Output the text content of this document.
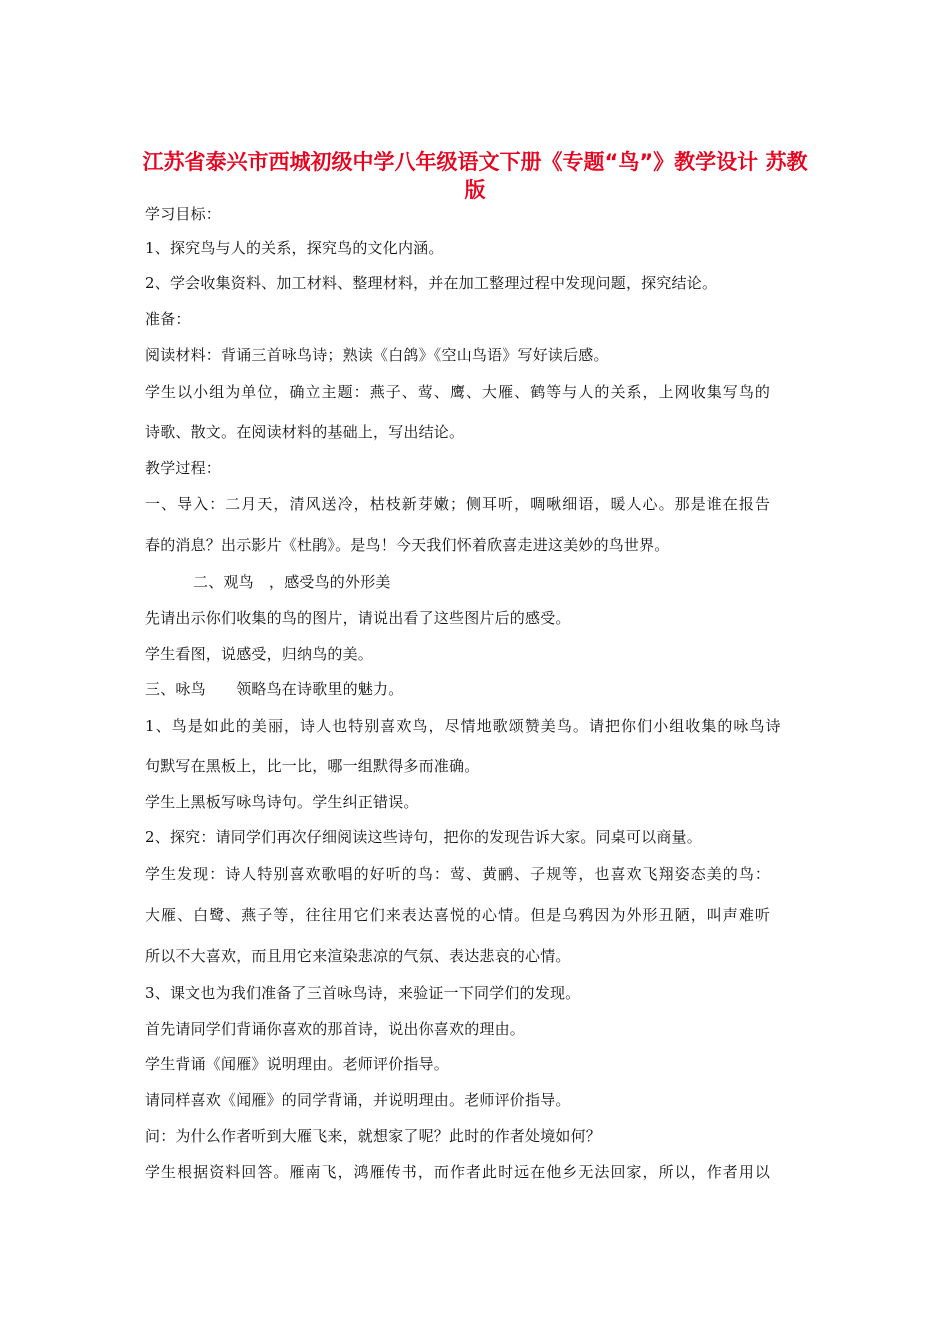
江苏省泰兴市西城初级中学八年级语文下册《专题“鸟”》教学设计 苏教版

学习目标：

1、探究鸟与人的关系，探究鸟的文化内涵。

2、学会收集资料、加工材料、整理材料，并在加工整理过程中发现问题，探究结论。

准备：

阅读材料：背诵三首咏鸟诗；熟读《白鸽》《空山鸟语》写好读后感。

学生以小组为单位，确立主题：燕子、莺、鹰、大雁、鹤等与人的关系，上网收集写鸟的

诗歌、散文。在阅读材料的基础上，写出结论。

教学过程：

一、导入：二月天，清风送冷，枯枝新芽嫩；侧耳听，啁啾细语，暖人心。那是谁在报告

春的消息？出示影片《杜鹃》。是鸟！今天我们怀着欣喜走进这美妙的鸟世界。

二、观鸟　，感受鸟的外形美

先请出示你们收集的鸟的图片，请说出看了这些图片后的感受。

学生看图，说感受，归纳鸟的美。

三、咏鸟　　领略鸟在诗歌里的魅力。

1、鸟是如此的美丽，诗人也特别喜欢鸟，尽情地歌颂赞美鸟。请把你们小组收集的咏鸟诗

句默写在黑板上，比一比，哪一组默得多而准确。

学生上黑板写咏鸟诗句。学生纠正错误。

2、探究：请同学们再次仔细阅读这些诗句，把你的发现告诉大家。同桌可以商量。

学生发现：诗人特别喜欢歌唱的好听的鸟：莺、黄鹂、子规等，也喜欢飞翔姿态美的鸟：

大雁、白鹭、燕子等，往往用它们来表达喜悦的心情。但是乌鸦因为外形丑陋，叫声难听

所以不大喜欢，而且用它来渲染悲凉的气氛、表达悲哀的心情。

3、课文也为我们准备了三首咏鸟诗，来验证一下同学们的发现。

首先请同学们背诵你喜欢的那首诗，说出你喜欢的理由。

学生背诵《闻雁》说明理由。老师评价指导。

请同样喜欢《闻雁》的同学背诵，并说明理由。老师评价指导。

问：为什么作者听到大雁飞来，就想家了呢？此时的作者处境如何？

学生根据资料回答。雁南飞，鸿雁传书，而作者此时远在他乡无法回家，所以，作者用以
